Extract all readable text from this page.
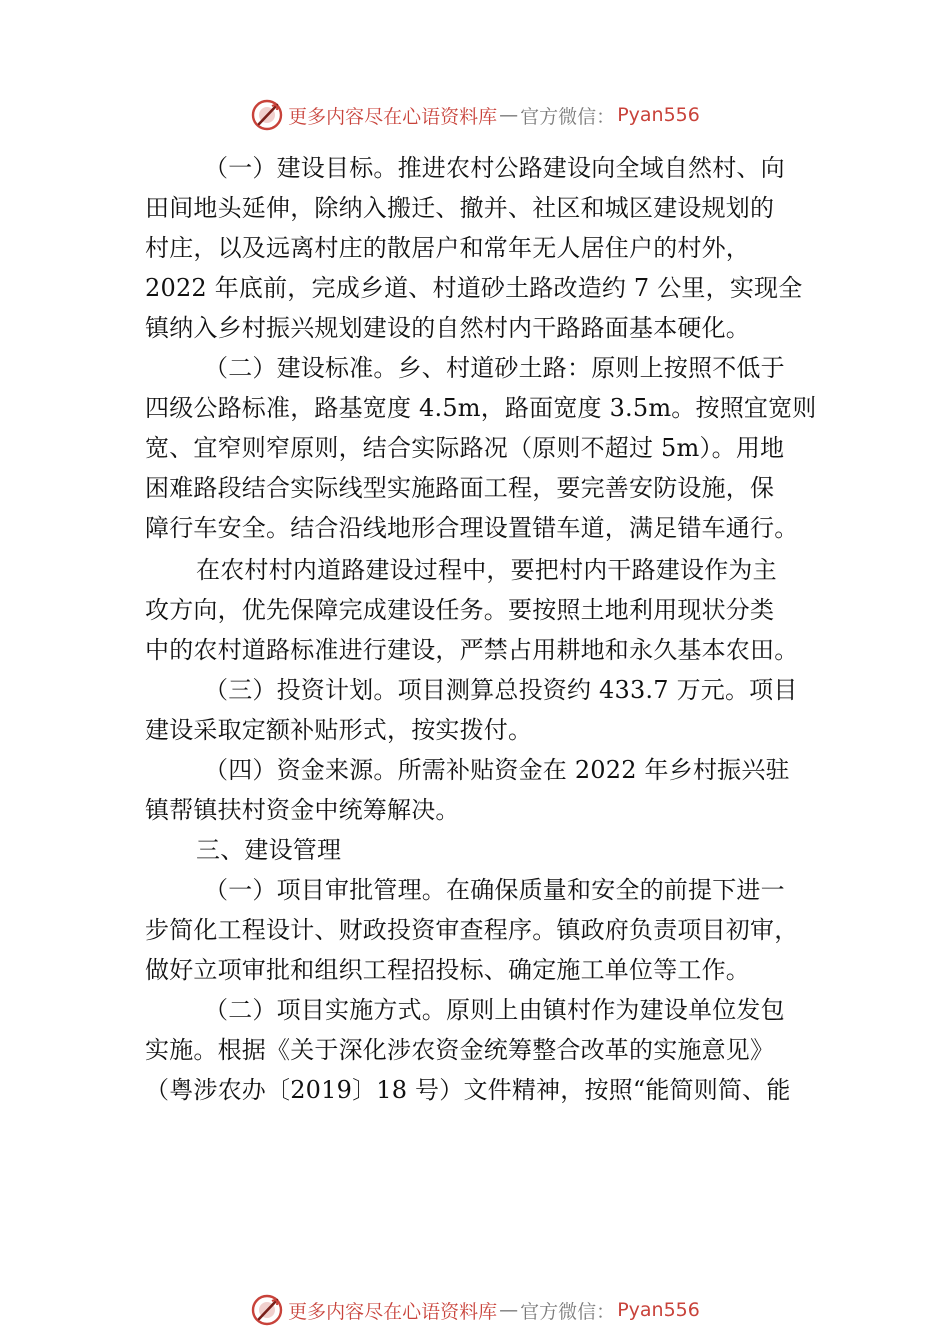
更多内容尽在心语资料库 — 官方微信： Pyan556
（一）建设目标。推进农村公路建设向全域自然村、向
田间地头延伸，除纳入搬迁、撤并、社区和城区建设规划的
村庄，以及远离村庄的散居户和常年无人居住户的村外，
2022 年底前，完成乡道、村道砂土路改造约 7 公里，实现全
镇纳入乡村振兴规划建设的自然村内干路路面基本硬化。
（二）建设标准。乡、村道砂土路：原则上按照不低于
四级公路标准，路基宽度 4.5m，路面宽度 3.5m。按照宜宽则
宽、宜窄则窄原则，结合实际路况（原则不超过 5m）。用地
困难路段结合实际线型实施路面工程，要完善安防设施，保
障行车安全。结合沿线地形合理设置错车道，满足错车通行。
在农村村内道路建设过程中，要把村内干路建设作为主
攻方向，优先保障完成建设任务。要按照土地利用现状分类
中的农村道路标准进行建设，严禁占用耕地和永久基本农田。
（三）投资计划。项目测算总投资约 433.7 万元。项目
建设采取定额补贴形式，按实拨付。
（四）资金来源。所需补贴资金在 2022 年乡村振兴驻
镇帮镇扶村资金中统筹解决。
三、建设管理
（一）项目审批管理。在确保质量和安全的前提下进一
步简化工程设计、财政投资审查程序。镇政府负责项目初审，
做好立项审批和组织工程招投标、确定施工单位等工作。
（二）项目实施方式。原则上由镇村作为建设单位发包
实施。根据《关于深化涉农资金统筹整合改革的实施意见》
（粤涉农办〔2019〕18 号）文件精神，按照“能简则简、能
更多内容尽在心语资料库 — 官方微信： Pyan556
